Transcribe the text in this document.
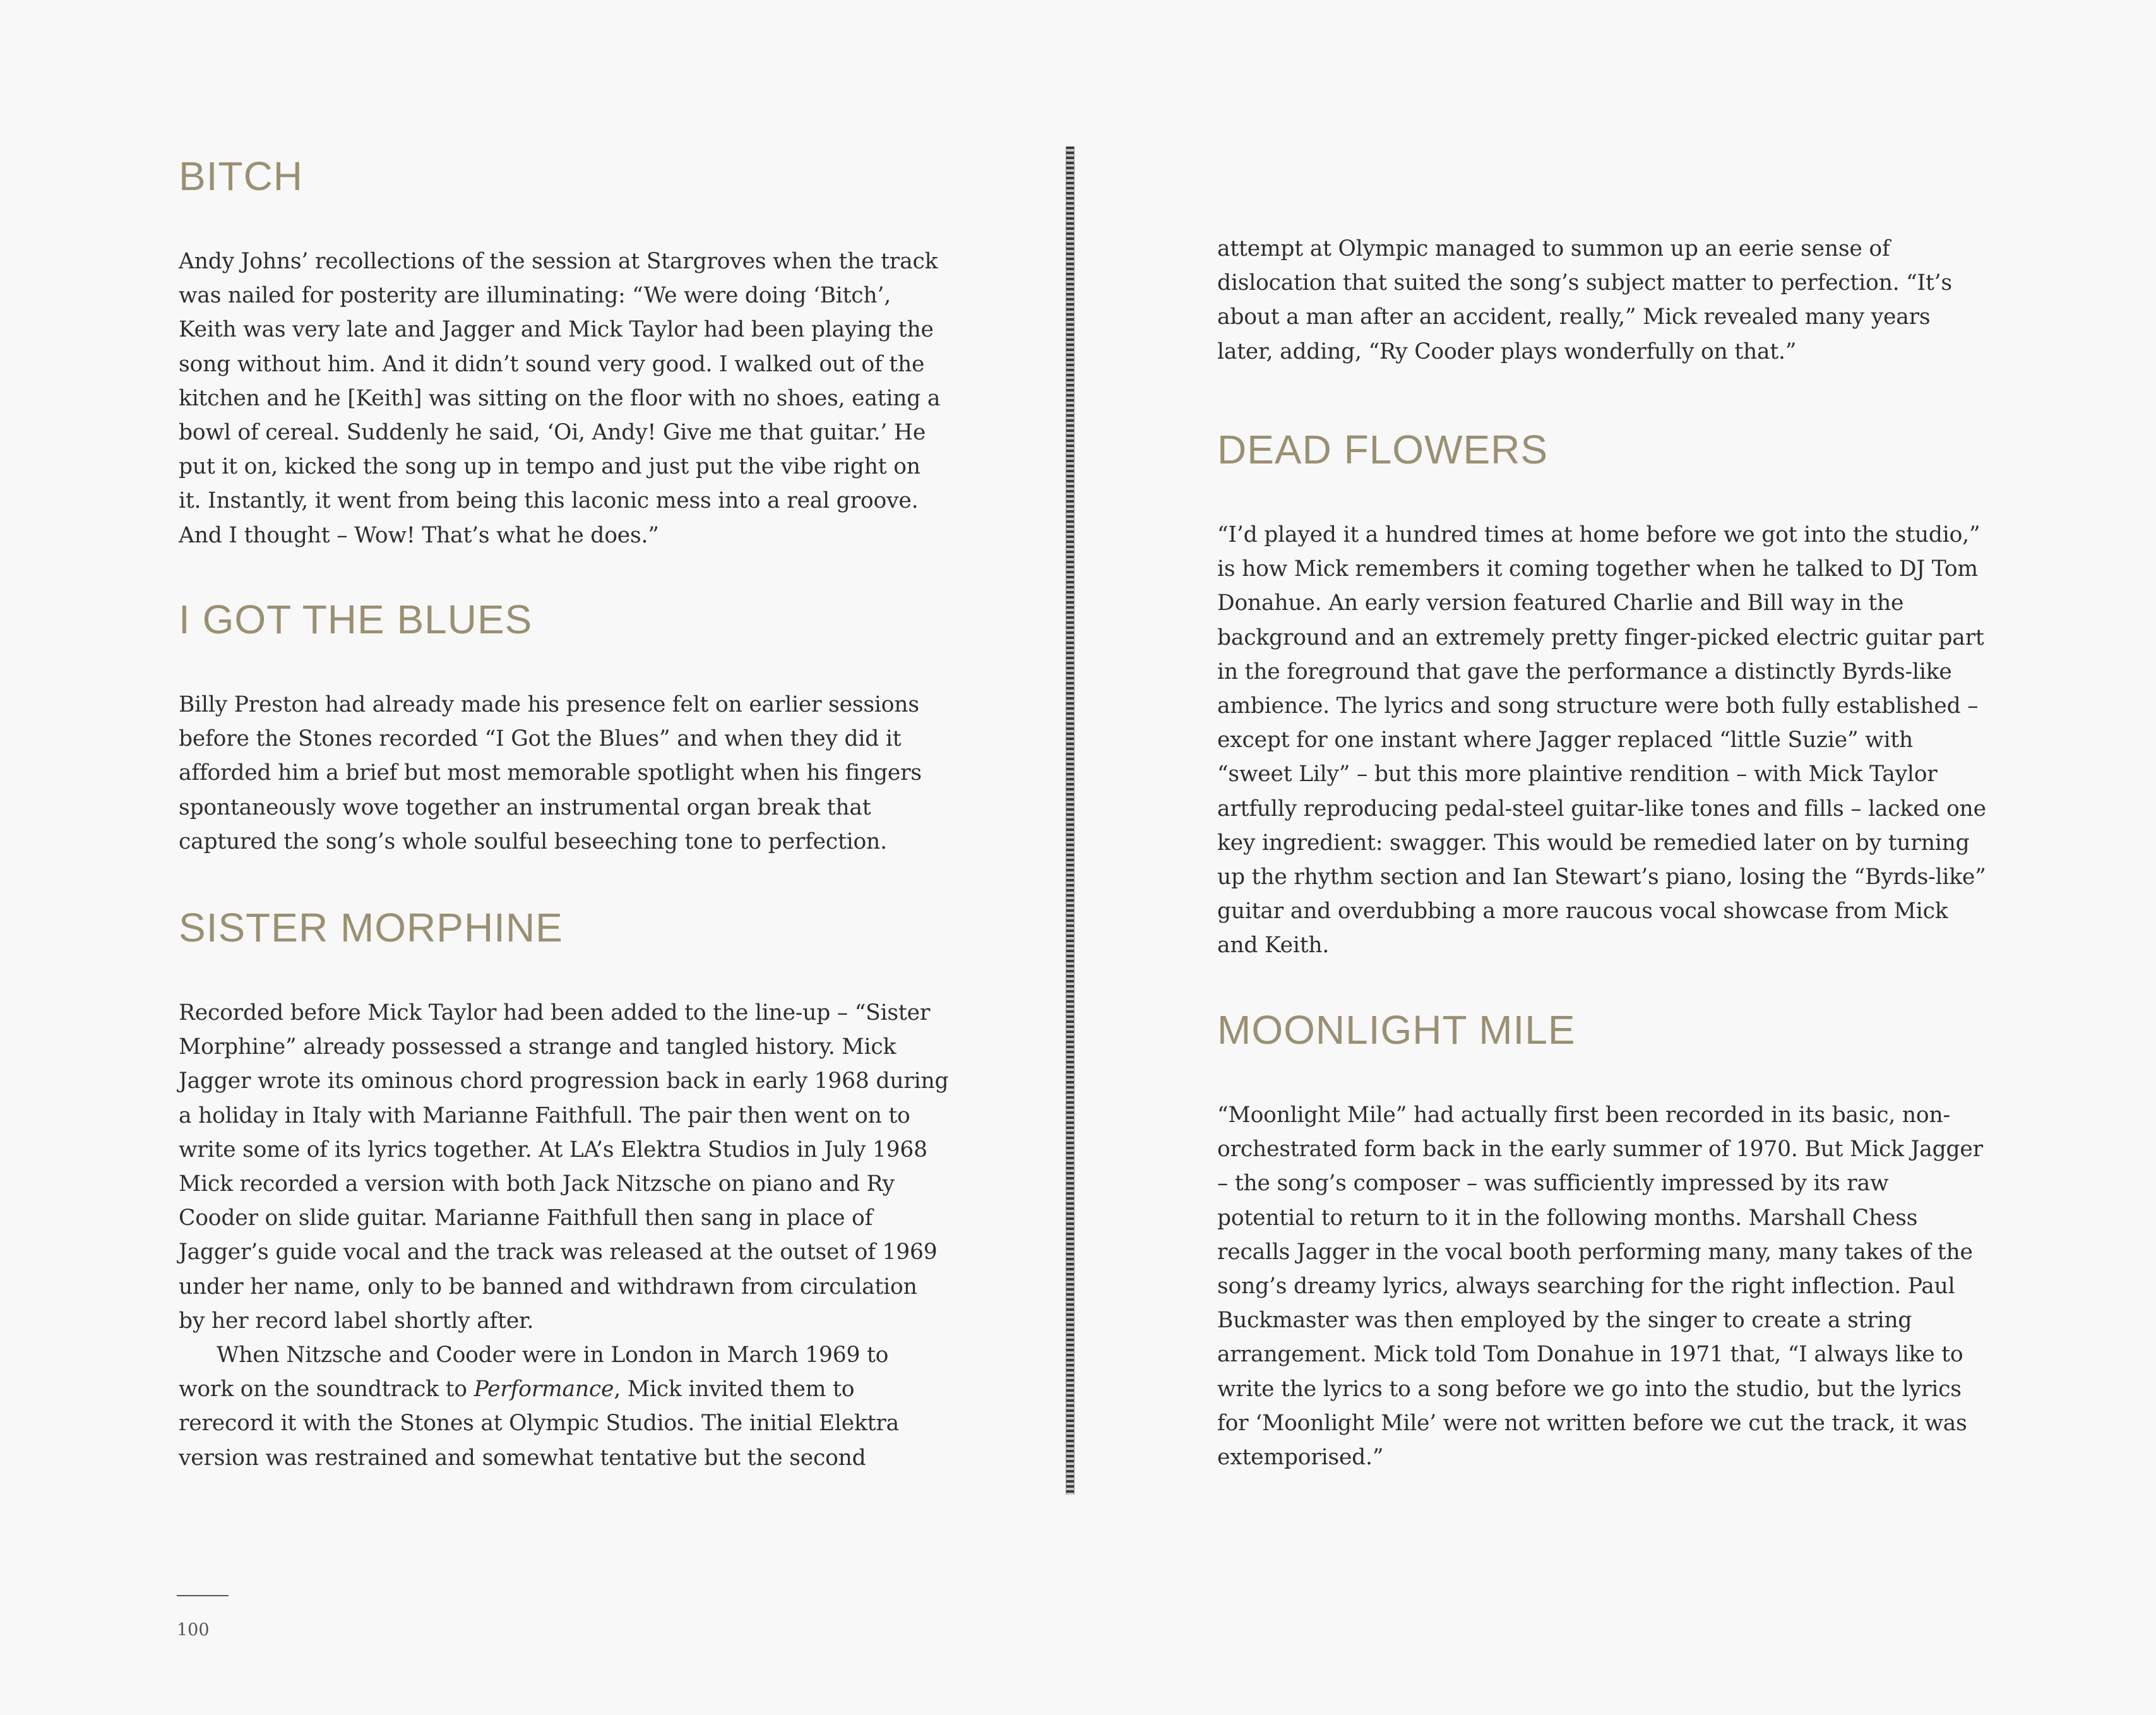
BITCH

Andy Johns’ recollections of the session at Stargroves when the track was nailed for posterity are illuminating: “We were doing ‘Bitch’, Keith was very late and Jagger and Mick Taylor had been playing the song without him. And it didn’t sound very good. I walked out of the kitchen and he [Keith] was sitting on the floor with no shoes, eating a bowl of cereal. Suddenly he said, ‘Oi, Andy! Give me that guitar.’ He put it on, kicked the song up in tempo and just put the vibe right on it. Instantly, it went from being this laconic mess into a real groove. And I thought – Wow! That’s what he does.”

I GOT THE BLUES

Billy Preston had already made his presence felt on earlier sessions before the Stones recorded “I Got the Blues” and when they did it afforded him a brief but most memorable spotlight when his fingers spontaneously wove together an instrumental organ break that captured the song’s whole soulful beseeching tone to perfection.

SISTER MORPHINE

Recorded before Mick Taylor had been added to the line-up – “Sister Morphine” already possessed a strange and tangled history. Mick Jagger wrote its ominous chord progression back in early 1968 during a holiday in Italy with Marianne Faithfull. The pair then went on to write some of its lyrics together. At LA’s Elektra Studios in July 1968 Mick recorded a version with both Jack Nitzsche on piano and Ry Cooder on slide guitar. Marianne Faithfull then sang in place of Jagger’s guide vocal and the track was released at the outset of 1969 under her name, only to be banned and withdrawn from circulation by her record label shortly after.

When Nitzsche and Cooder were in London in March 1969 to work on the soundtrack to Performance, Mick invited them to rerecord it with the Stones at Olympic Studios. The initial Elektra version was restrained and somewhat tentative but the second

attempt at Olympic managed to summon up an eerie sense of dislocation that suited the song’s subject matter to perfection. “It’s about a man after an accident, really,” Mick revealed many years later, adding, “Ry Cooder plays wonderfully on that.”

DEAD FLOWERS

“I’d played it a hundred times at home before we got into the studio,” is how Mick remembers it coming together when he talked to DJ Tom Donahue. An early version featured Charlie and Bill way in the background and an extremely pretty finger-picked electric guitar part in the foreground that gave the performance a distinctly Byrds-like ambience. The lyrics and song structure were both fully established – except for one instant where Jagger replaced “little Suzie” with “sweet Lily” – but this more plaintive rendition – with Mick Taylor artfully reproducing pedal-steel guitar-like tones and fills – lacked one key ingredient: swagger. This would be remedied later on by turning up the rhythm section and Ian Stewart’s piano, losing the “Byrds-like” guitar and overdubbing a more raucous vocal showcase from Mick and Keith.

MOONLIGHT MILE

“Moonlight Mile” had actually first been recorded in its basic, non-orchestrated form back in the early summer of 1970. But Mick Jagger – the song’s composer – was sufficiently impressed by its raw potential to return to it in the following months. Marshall Chess recalls Jagger in the vocal booth performing many, many takes of the song’s dreamy lyrics, always searching for the right inflection. Paul Buckmaster was then employed by the singer to create a string arrangement. Mick told Tom Donahue in 1971 that, “I always like to write the lyrics to a song before we go into the studio, but the lyrics for ‘Moonlight Mile’ were not written before we cut the track, it was extemporised.”

100
